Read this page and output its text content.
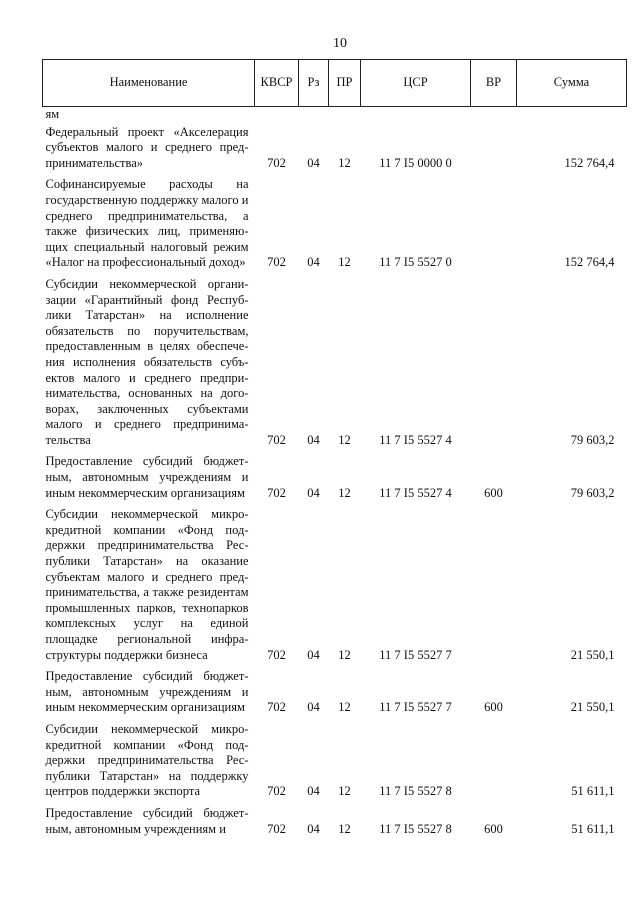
10
Наименование	КВСР	Рз	ПР	ЦСР	ВР	Сумма
ям						
Федеральный проект «Акселерация субъектов малого и среднего предпринимательства»	702	04	12	11 7 I5 0000 0		152 764,4
Софинансируемые расходы на государственную поддержку малого и среднего предпринимательства, а также физических лиц, применяющих специальный налоговый режим «Налог на профессиональный доход»	702	04	12	11 7 I5 5527 0		152 764,4
Субсидии некоммерческой организации «Гарантийный фонд Республики Татарстан» на исполнение обязательств по поручительствам, предоставленным в целях обеспечения исполнения обязательств субъектов малого и среднего предпринимательства, основанных на договорах, заключенных субъектами малого и среднего предпринимательства	702	04	12	11 7 I5 5527 4		79 603,2
Предоставление субсидий бюджетным, автономным учреждениям и иным некоммерческим организациям	702	04	12	11 7 I5 5527 4	600	79 603,2
Субсидии некоммерческой микрокредитной компании «Фонд поддержки предпринимательства Республики Татарстан» на оказание субъектам малого и среднего предпринимательства, а также резидентам промышленных парков, технопарков комплексных услуг на единой площадке региональной инфраструктуры поддержки бизнеса	702	04	12	11 7 I5 5527 7		21 550,1
Предоставление субсидий бюджетным, автономным учреждениям и иным некоммерческим организациям	702	04	12	11 7 I5 5527 7	600	21 550,1
Субсидии некоммерческой микрокредитной компании «Фонд поддержки предпринимательства Республики Татарстан» на поддержку центров поддержки экспорта	702	04	12	11 7 I5 5527 8		51 611,1
Предоставление субсидий бюджетным, автономным учреждениям и	702	04	12	11 7 I5 5527 8	600	51 611,1
